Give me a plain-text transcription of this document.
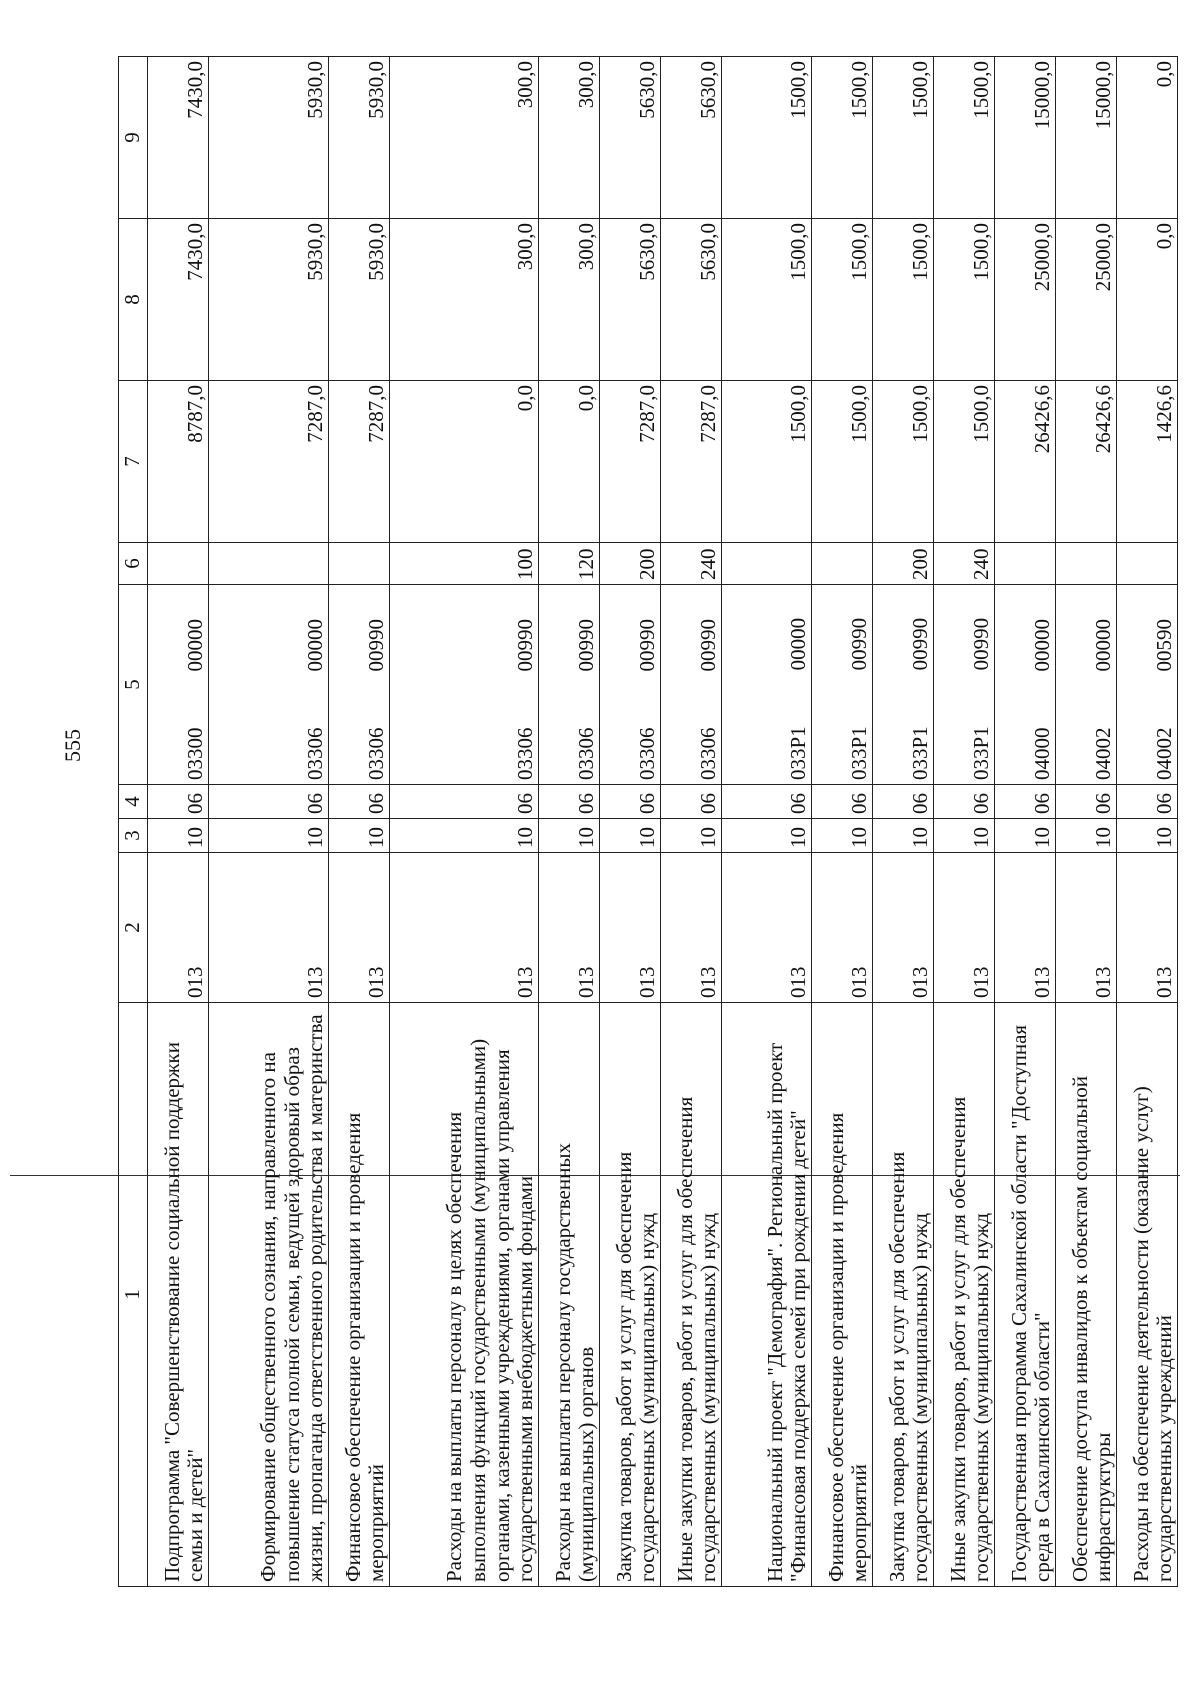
555
1	2	3	4	5	6	7	8	9
Подпрограмма "Совершенствование социальной поддержки семьи и детей"	013	10	06	0330000000		8787,0	7430,0	7430,0
Формирование общественного сознания, направленного на повышение статуса полной семьи, ведущей здоровый образ жизни, пропаганда ответственного родительства и материнства	013	10	06	0330600000		7287,0	5930,0	5930,0
Финансовое обеспечение организации и проведения мероприятий	013	10	06	0330600990		7287,0	5930,0	5930,0
Расходы на выплаты персоналу в целях обеспечения выполнения функций государственными (муниципальными) органами, казенными учреждениями, органами управления государственными внебюджетными фондами	013	10	06	0330600990	100	0,0	300,0	300,0
Расходы на выплаты персоналу государственных (муниципальных) органов	013	10	06	0330600990	120	0,0	300,0	300,0
Закупка товаров, работ и услуг для обеспечения государственных (муниципальных) нужд	013	10	06	0330600990	200	7287,0	5630,0	5630,0
Иные закупки товаров, работ и услуг для обеспечения государственных (муниципальных) нужд	013	10	06	0330600990	240	7287,0	5630,0	5630,0
Национальный проект "Демография". Региональный проект "Финансовая поддержка семей при рождении детей"	013	10	06	033P100000		1500,0	1500,0	1500,0
Финансовое обеспечение организации и проведения мероприятий	013	10	06	033P100990		1500,0	1500,0	1500,0
Закупка товаров, работ и услуг для обеспечения государственных (муниципальных) нужд	013	10	06	033P100990	200	1500,0	1500,0	1500,0
Иные закупки товаров, работ и услуг для обеспечения государственных (муниципальных) нужд	013	10	06	033P100990	240	1500,0	1500,0	1500,0
Государственная программа Сахалинской области "Доступная среда в Сахалинской области"	013	10	06	0400000000		26426,6	25000,0	15000,0
Обеспечение доступа инвалидов к объектам социальной инфраструктуры	013	10	06	0400200000		26426,6	25000,0	15000,0
Расходы на обеспечение деятельности (оказание услуг) государственных учреждений	013	10	06	0400200590		1426,6	0,0	0,0
